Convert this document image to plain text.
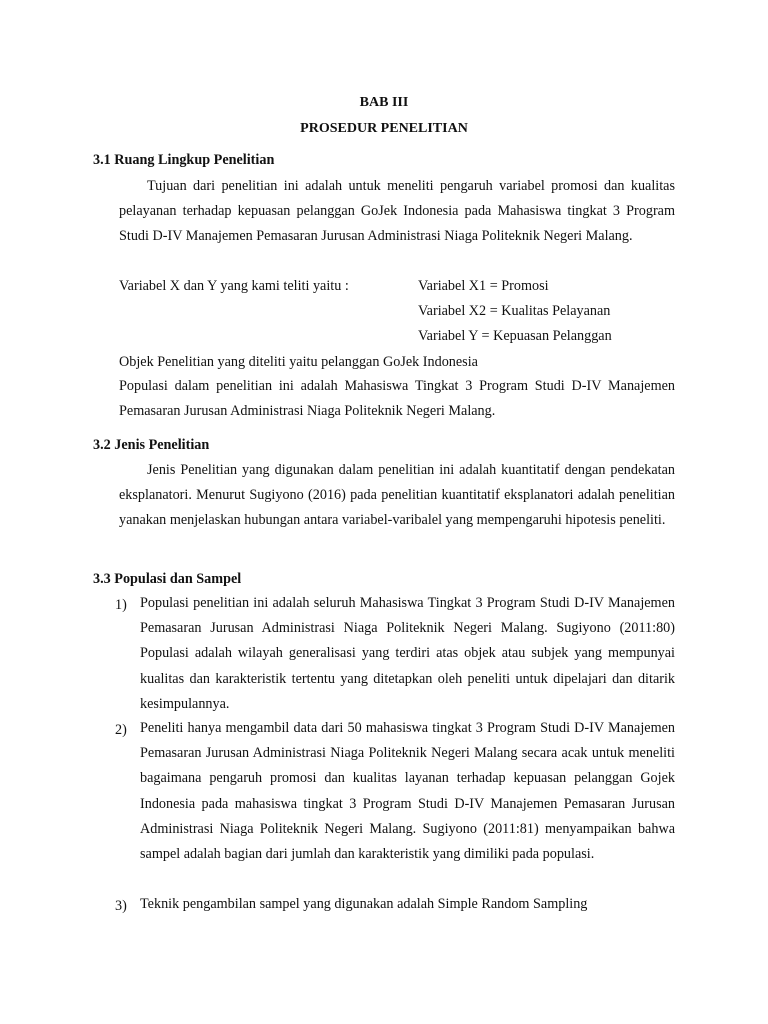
BAB III
PROSEDUR PENELITIAN
3.1 Ruang Lingkup Penelitian
Tujuan dari penelitian ini adalah untuk meneliti pengaruh variabel promosi dan kualitas pelayanan terhadap kepuasan pelanggan GoJek Indonesia pada Mahasiswa tingkat 3 Program Studi D-IV Manajemen Pemasaran Jurusan Administrasi Niaga Politeknik Negeri Malang.
Variabel X dan Y yang kami teliti yaitu :	Variabel X1 = Promosi
Variabel X2 = Kualitas Pelayanan
Variabel Y = Kepuasan Pelanggan
Objek Penelitian yang diteliti yaitu pelanggan GoJek Indonesia
Populasi dalam penelitian ini adalah Mahasiswa Tingkat 3 Program Studi D-IV Manajemen Pemasaran Jurusan Administrasi Niaga Politeknik Negeri Malang.
3.2 Jenis Penelitian
Jenis Penelitian yang digunakan dalam penelitian ini adalah kuantitatif dengan pendekatan eksplanatori. Menurut Sugiyono (2016) pada penelitian kuantitatif eksplanatori adalah penelitian yanakan menjelaskan hubungan antara variabel-varibalel yang mempengaruhi hipotesis peneliti.
3.3 Populasi dan Sampel
1) Populasi penelitian ini adalah seluruh Mahasiswa Tingkat 3 Program Studi D-IV Manajemen Pemasaran Jurusan Administrasi Niaga Politeknik Negeri Malang. Sugiyono (2011:80) Populasi adalah wilayah generalisasi yang terdiri atas objek atau subjek yang mempunyai kualitas dan karakteristik tertentu yang ditetapkan oleh peneliti untuk dipelajari dan ditarik kesimpulannya.
2) Peneliti hanya mengambil data dari 50 mahasiswa tingkat 3 Program Studi D-IV Manajemen Pemasaran Jurusan Administrasi Niaga Politeknik Negeri Malang secara acak untuk meneliti bagaimana pengaruh promosi dan kualitas layanan terhadap kepuasan pelanggan Gojek Indonesia pada mahasiswa tingkat 3 Program Studi D-IV Manajemen Pemasaran Jurusan Administrasi Niaga Politeknik Negeri Malang. Sugiyono (2011:81) menyampaikan bahwa sampel adalah bagian dari jumlah dan karakteristik yang dimiliki pada populasi.
3) Teknik pengambilan sampel yang digunakan adalah Simple Random Sampling
